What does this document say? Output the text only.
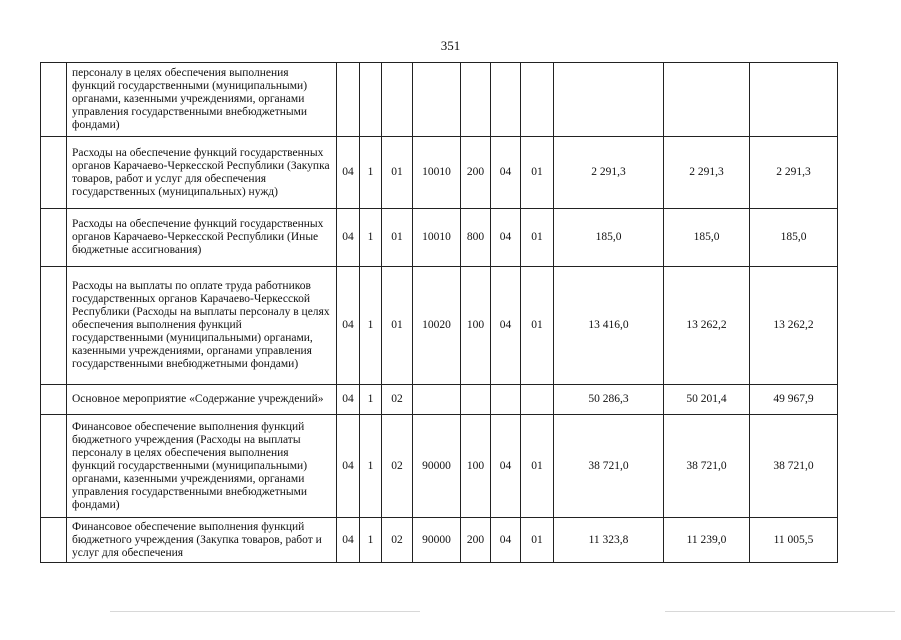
351
	персоналу в целях обеспечения выполнения функций государственными (муниципальными) органами, казенными учреждениями, органами управления государственными внебюджетными фондами)										
	Расходы на обеспечение функций государственных органов Карачаево-Черкесской Республики (Закупка товаров, работ и услуг для обеспечения государственных (муниципальных) нужд)	04	1	01	10010	200	04	01	2 291,3	2 291,3	2 291,3
	Расходы на обеспечение функций государственных органов Карачаево-Черкесской Республики (Иные бюджетные ассигнования)	04	1	01	10010	800	04	01	185,0	185,0	185,0
	Расходы на выплаты по оплате труда работников государственных органов Карачаево-Черкесской Республики (Расходы на выплаты персоналу в целях обеспечения выполнения функций государственными (муниципальными) органами, казенными учреждениями, органами управления государственными внебюджетными фондами)	04	1	01	10020	100	04	01	13 416,0	13 262,2	13 262,2
	Основное мероприятие «Содержание учреждений»	04	1	02					50 286,3	50 201,4	49 967,9
	Финансовое обеспечение выполнения функций бюджетного учреждения (Расходы на выплаты персоналу в целях обеспечения выполнения функций государственными (муниципальными) органами, казенными учреждениями, органами управления государственными внебюджетными фондами)	04	1	02	90000	100	04	01	38 721,0	38 721,0	38 721,0
	Финансовое обеспечение выполнения функций бюджетного учреждения (Закупка товаров, работ и услуг для обеспечения	04	1	02	90000	200	04	01	11 323,8	11 239,0	11 005,5
